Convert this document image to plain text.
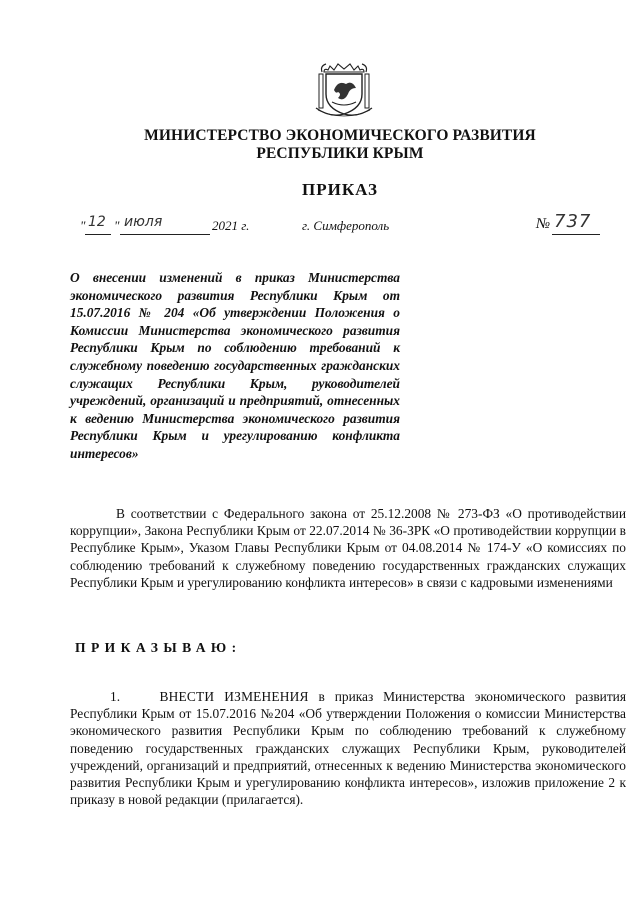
МИНИСТЕРСТВО ЭКОНОМИЧЕСКОГО РАЗВИТИЯ
РЕСПУБЛИКИ КРЫМ
ПРИКАЗ
" 12 " июля	2021 г.	г. Симферополь	№ 737
О внесении изменений в приказ Министерства экономического развития Республики Крым от 15.07.2016 № 204 «Об утверждении Положения о Комиссии Министерства экономического развития Республики Крым по соблюдению требований к служебному поведению государственных гражданских служащих Республики Крым, руководителей учреждений, организаций и предприятий, отнесенных к ведению Министерства экономического развития Республики Крым и урегулированию конфликта интересов»
В соответствии с Федерального закона от 25.12.2008 № 273-ФЗ «О противодействии коррупции», Закона Республики Крым от 22.07.2014 № 36-ЗРК «О противодействии коррупции в Республике Крым», Указом Главы Республики Крым от 04.08.2014 № 174-У «О комиссиях по соблюдению требований к служебному поведению государственных гражданских служащих Республики Крым и урегулированию конфликта интересов» в связи с кадровыми изменениями
ПРИКАЗЫВАЮ:
1.	ВНЕСТИ ИЗМЕНЕНИЯ в приказ Министерства экономического развития Республики Крым от 15.07.2016 №204 «Об утверждении Положения о комиссии Министерства экономического развития Республики Крым по соблюдению требований к служебному поведению государственных гражданских служащих Республики Крым, руководителей учреждений, организаций и предприятий, отнесенных к ведению Министерства экономического развития Республики Крым и урегулированию конфликта интересов», изложив приложение 2 к приказу в новой редакции (прилагается).
